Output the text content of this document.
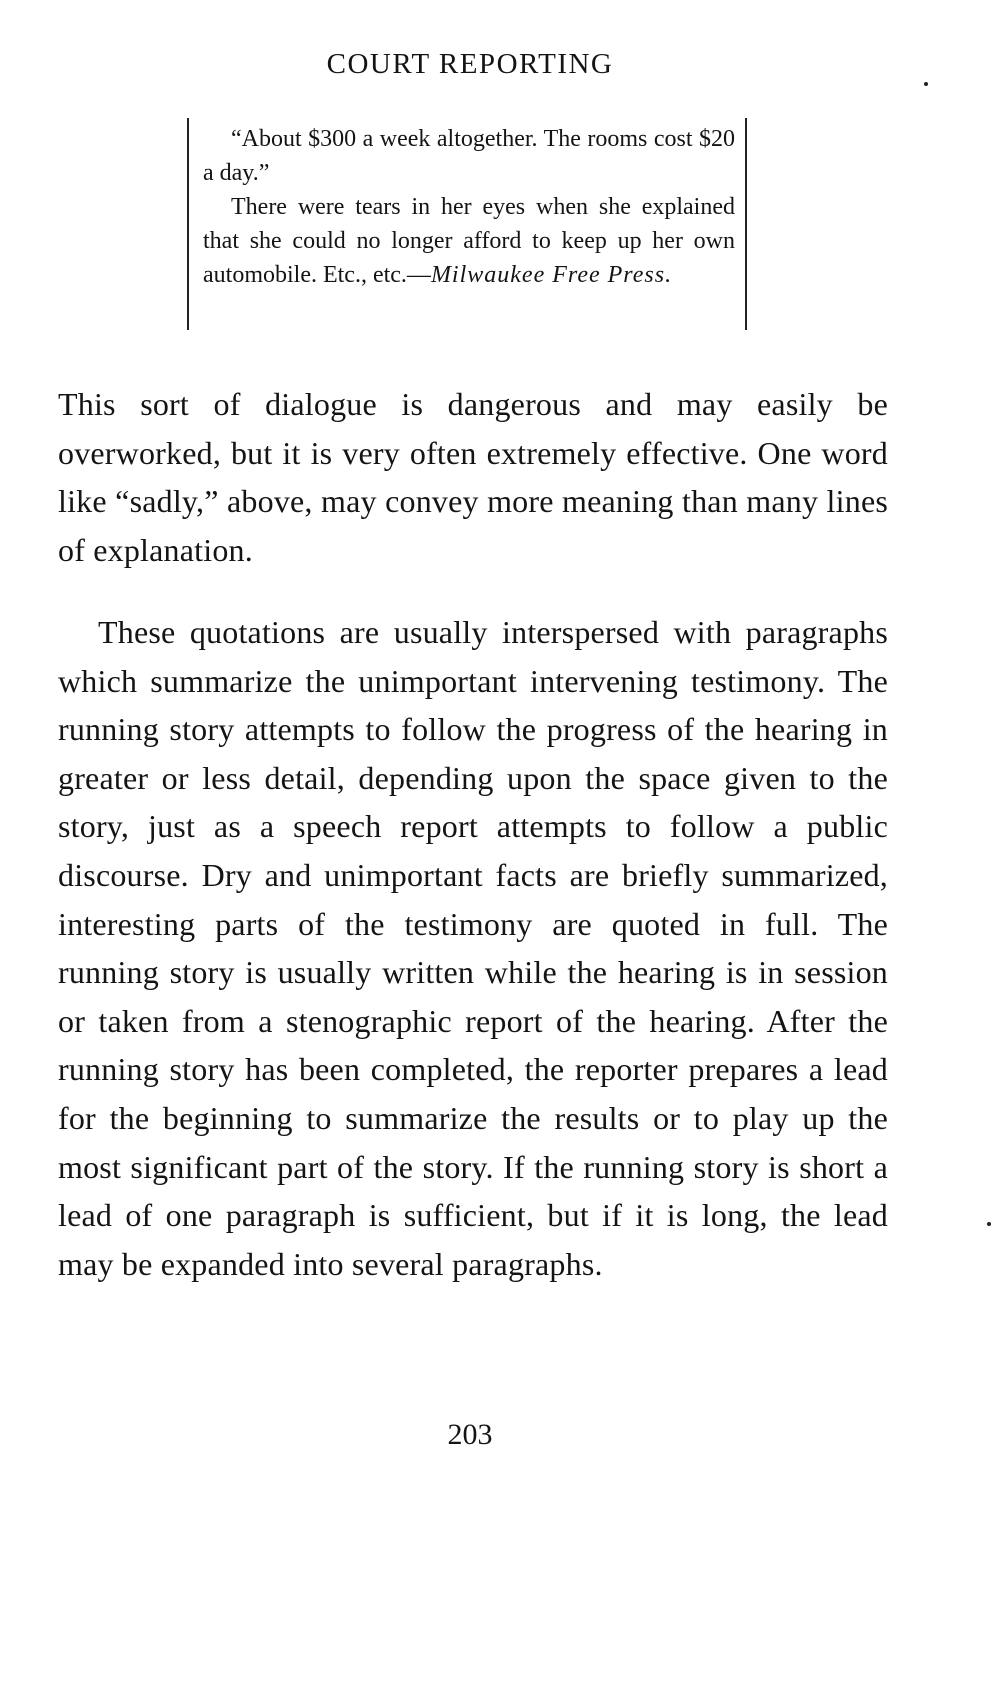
COURT REPORTING

“About $300 a week altogether. The rooms cost $20 a day.”

There were tears in her eyes when she explained that she could no longer afford to keep up her own automobile. Etc., etc.—Milwaukee Free Press.

This sort of dialogue is dangerous and may easily be overworked, but it is very often extremely effective. One word like “sadly,” above, may convey more meaning than many lines of explanation.

These quotations are usually interspersed with paragraphs which summarize the unimportant intervening testimony. The running story attempts to follow the progress of the hearing in greater or less detail, depending upon the space given to the story, just as a speech report attempts to follow a public discourse. Dry and unimportant facts are briefly summarized, interesting parts of the testimony are quoted in full. The running story is usually written while the hearing is in session or taken from a stenographic report of the hearing. After the running story has been completed, the reporter prepares a lead for the beginning to summarize the results or to play up the most significant part of the story. If the running story is short a lead of one paragraph is sufficient, but if it is long, the lead may be expanded into several paragraphs.

203
